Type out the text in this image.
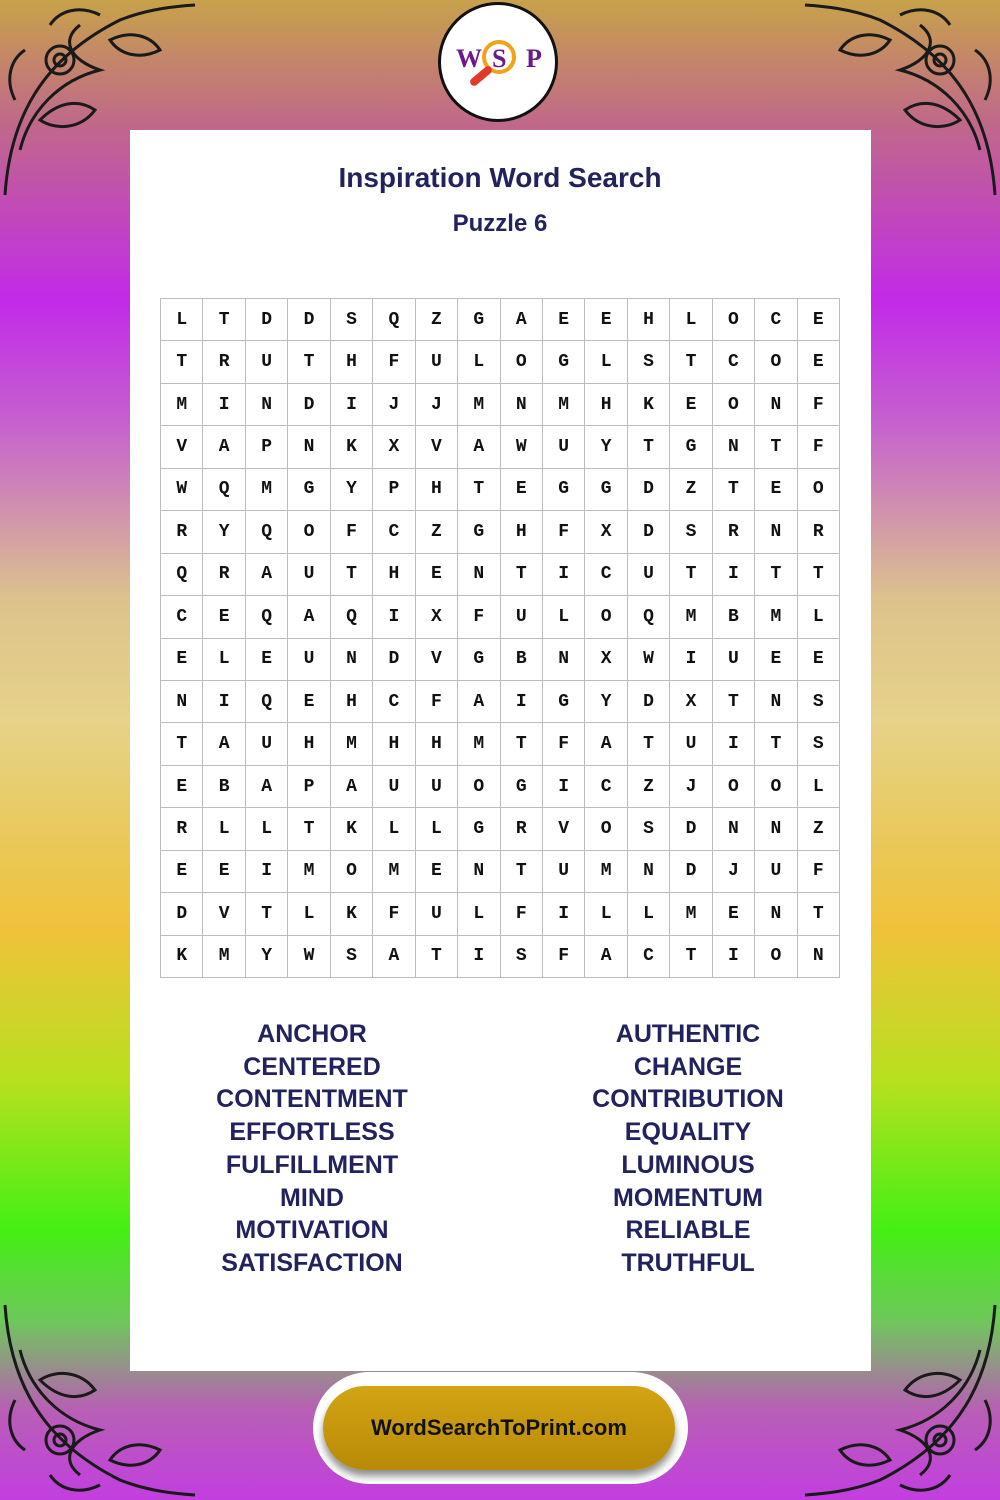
W S P
Inspiration Word Search
Puzzle 6
L	T	D	D	S	Q	Z	G	A	E	E	H	L	O	C	E
T	R	U	T	H	F	U	L	O	G	L	S	T	C	O	E
M	I	N	D	I	J	J	M	N	M	H	K	E	O	N	F
V	A	P	N	K	X	V	A	W	U	Y	T	G	N	T	F
W	Q	M	G	Y	P	H	T	E	G	G	D	Z	T	E	O
R	Y	Q	O	F	C	Z	G	H	F	X	D	S	R	N	R
Q	R	A	U	T	H	E	N	T	I	C	U	T	I	T	T
C	E	Q	A	Q	I	X	F	U	L	O	Q	M	B	M	L
E	L	E	U	N	D	V	G	B	N	X	W	I	U	E	E
N	I	Q	E	H	C	F	A	I	G	Y	D	X	T	N	S
T	A	U	H	M	H	H	M	T	F	A	T	U	I	T	S
E	B	A	P	A	U	U	O	G	I	C	Z	J	O	O	L
R	L	L	T	K	L	L	G	R	V	O	S	D	N	N	Z
E	E	I	M	O	M	E	N	T	U	M	N	D	J	U	F
D	V	T	L	K	F	U	L	F	I	L	L	M	E	N	T
K	M	Y	W	S	A	T	I	S	F	A	C	T	I	O	N
ANCHOR
CENTERED
CONTENTMENT
EFFORTLESS
FULFILLMENT
MIND
MOTIVATION
SATISFACTION
AUTHENTIC
CHANGE
CONTRIBUTION
EQUALITY
LUMINOUS
MOMENTUM
RELIABLE
TRUTHFUL
WordSearchToPrint.com
